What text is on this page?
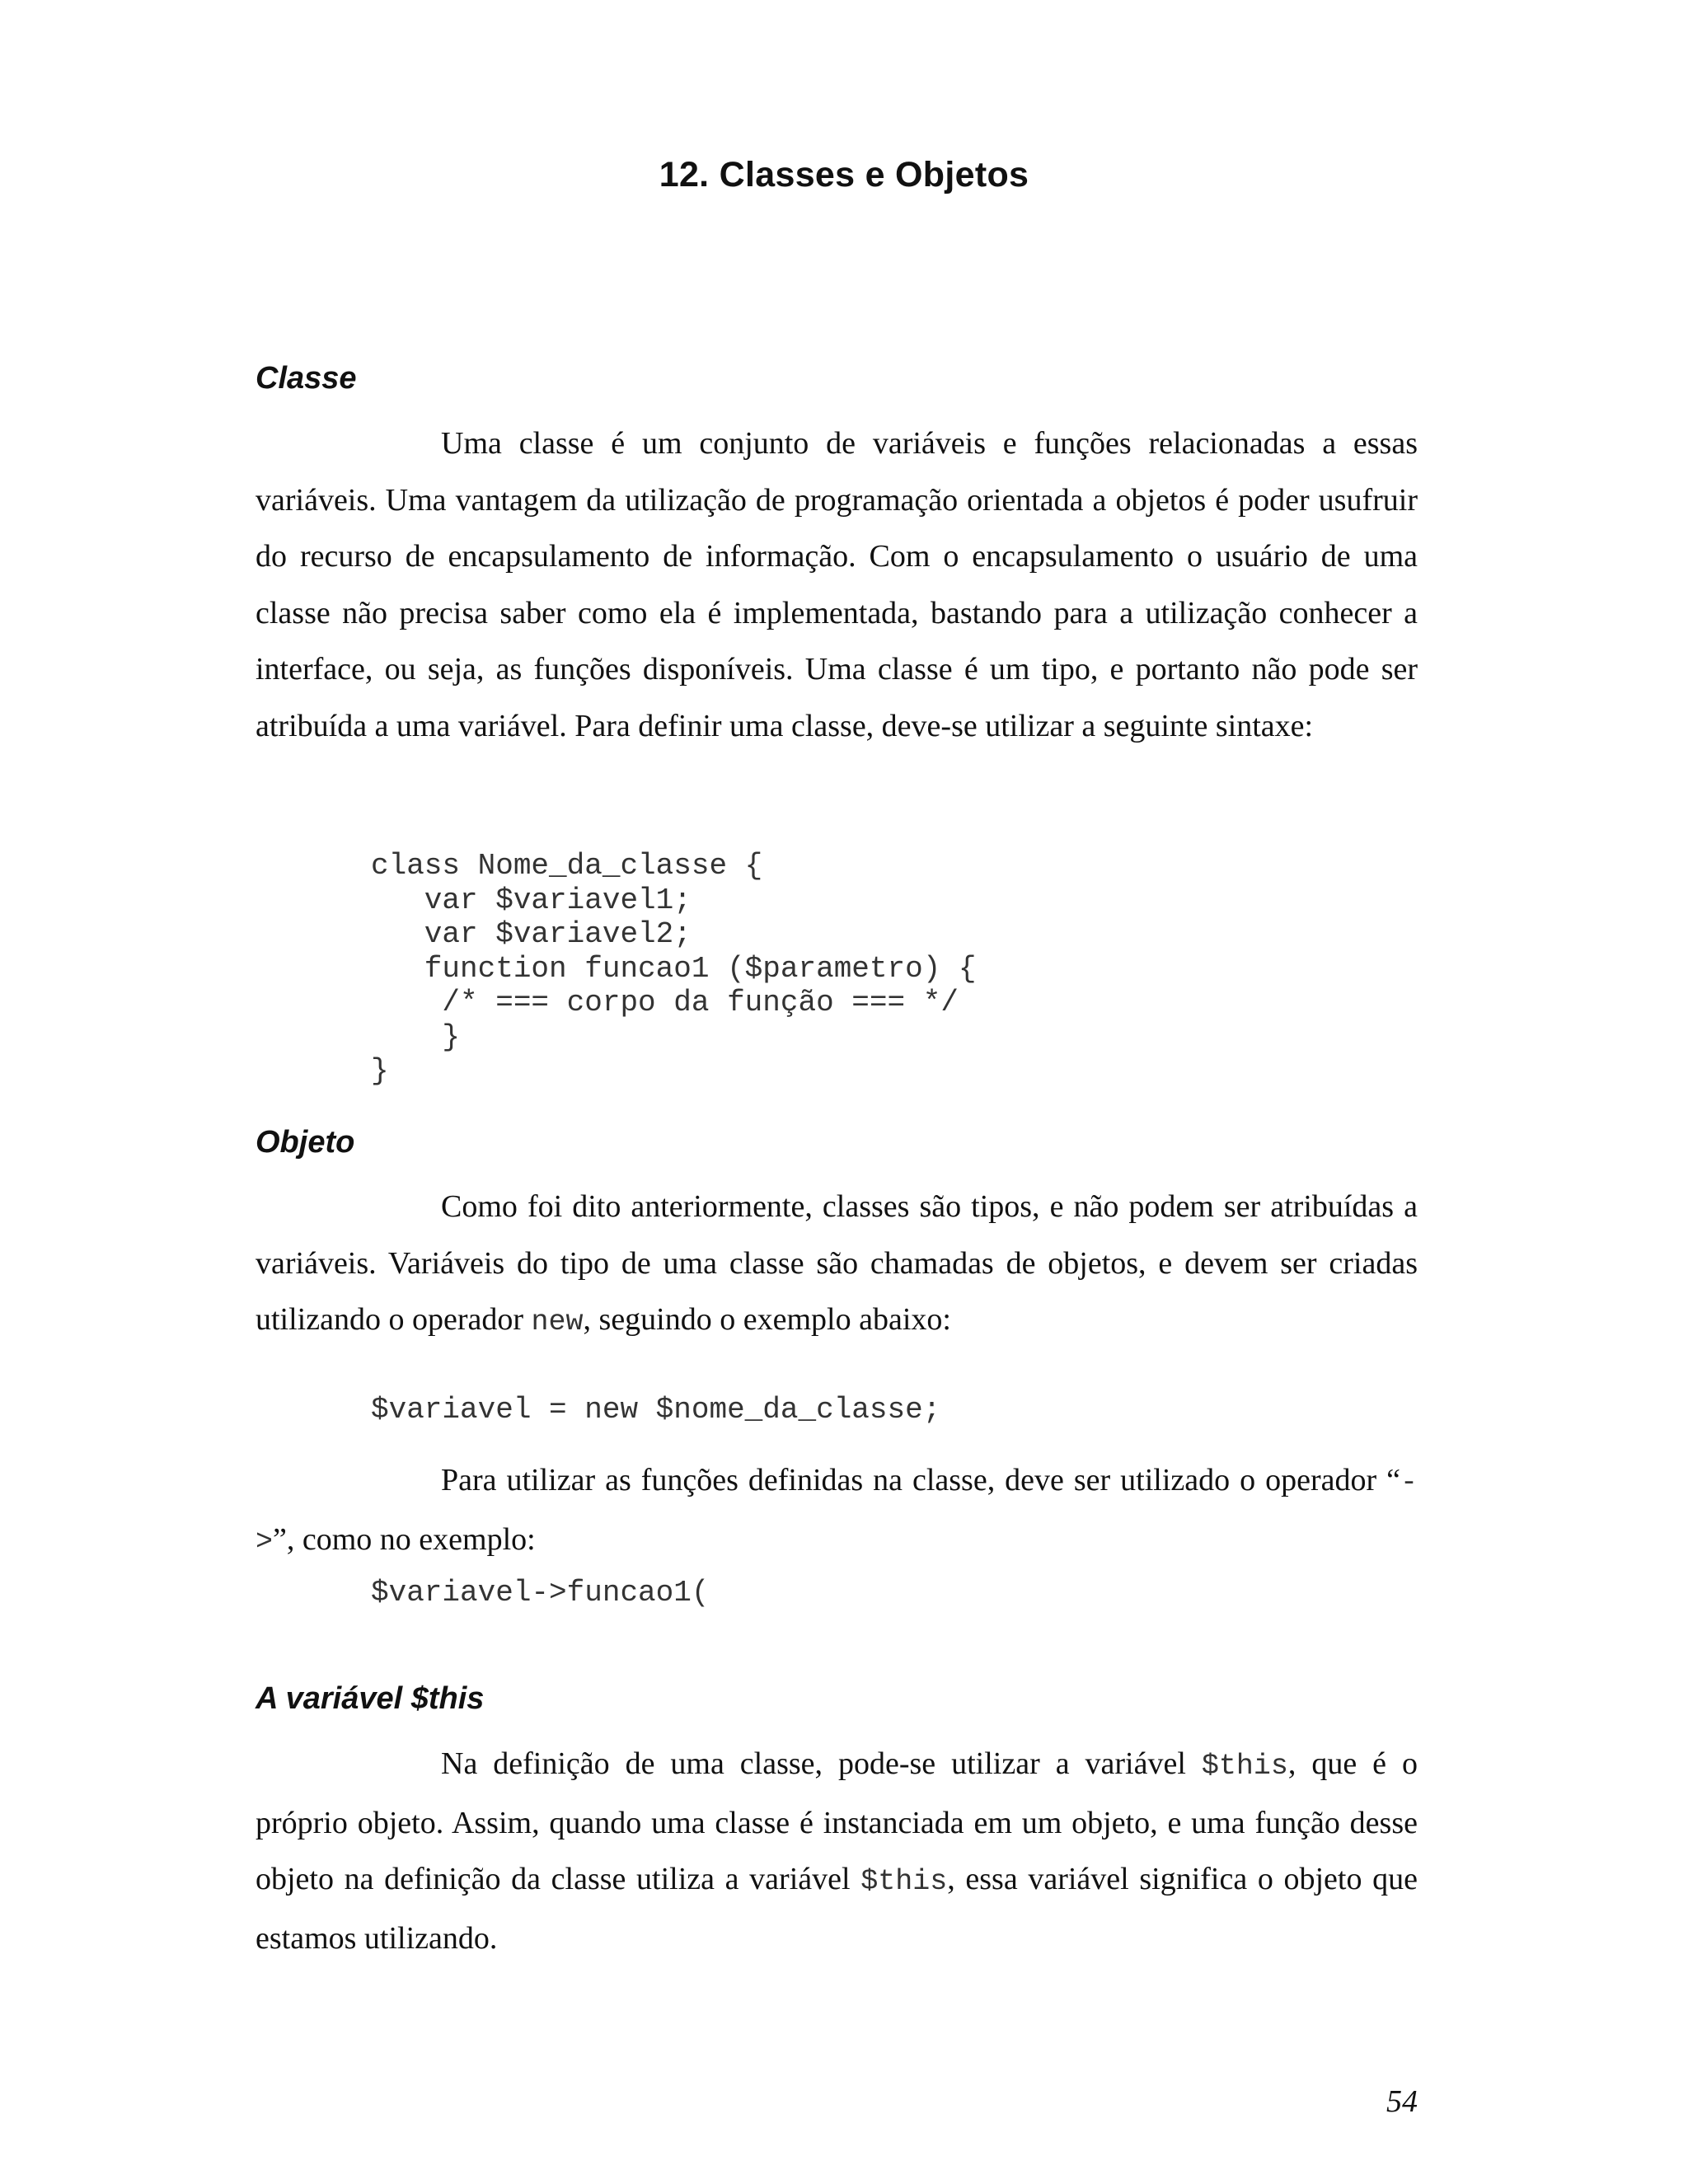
12. Classes e Objetos
Classe

Uma classe é um conjunto de variáveis e funções relacionadas a essas variáveis. Uma vantagem da utilização de programação orientada a objetos é poder usufruir do recurso de encapsulamento de informação. Com o encapsulamento o usuário de uma classe não precisa saber como ela é implementada, bastando para a utilização conhecer a interface, ou seja, as funções disponíveis. Uma classe é um tipo, e portanto não pode ser atribuída a uma variável. Para definir uma classe, deve-se utilizar a seguinte sintaxe:

class Nome_da_classe {
var $variavel1;
var $variavel2;
function funcao1 ($parametro) {
/* === corpo da função === */
}
}
Objeto

Como foi dito anteriormente, classes são tipos, e não podem ser atribuídas a variáveis. Variáveis do tipo de uma classe são chamadas de objetos, e devem ser criadas utilizando o operador new, seguindo o exemplo abaixo:

$variavel = new $nome_da_classe;

Para utilizar as funções definidas na classe, deve ser utilizado o operador “->”, como no exemplo:

$variavel->funcao1(
A variável $this

Na definição de uma classe, pode-se utilizar a variável $this, que é o próprio objeto. Assim, quando uma classe é instanciada em um objeto, e uma função desse objeto na definição da classe utiliza a variável $this, essa variável significa o objeto que estamos utilizando.

54
